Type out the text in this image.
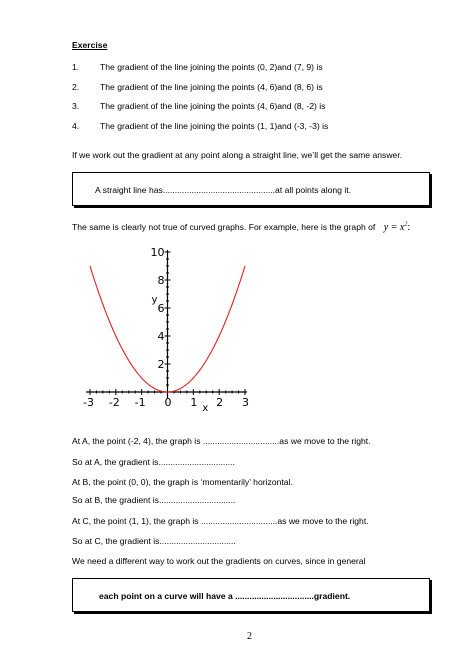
Exercise
1.	The gradient of the line joining the points (0, 2)and (7, 9) is
2.	The gradient of the line joining the points (4, 6)and (8, 6) is
3.	The gradient of the line joining the points (4, 6)and (8, -2) is
4.	The gradient of the line joining the points (1, 1)and (-3, -3) is
If we work out the gradient at any point along a straight line, we’ll get the same answer.
A straight line has...............................................at all points along it.
The same is clearly not true of curved graphs. For example, here is the graph of $y = x^2$:
-3 -2 -1 0 1 2 3
2
4
6
8
10
x
y
At A, the point (-2, 4), the graph is ................................as we move to the right.
So at A, the gradient is................................
At B, the point (0, 0), the graph is ‘momentarily’ horizontal.
So at B, the gradient is................................
At C, the point (1, 1), the graph is ................................as we move to the right.
So at C, the gradient is................................
We need a different way to work out the gradients on curves, since in general
each point on a curve will have a .................................gradient.
2
